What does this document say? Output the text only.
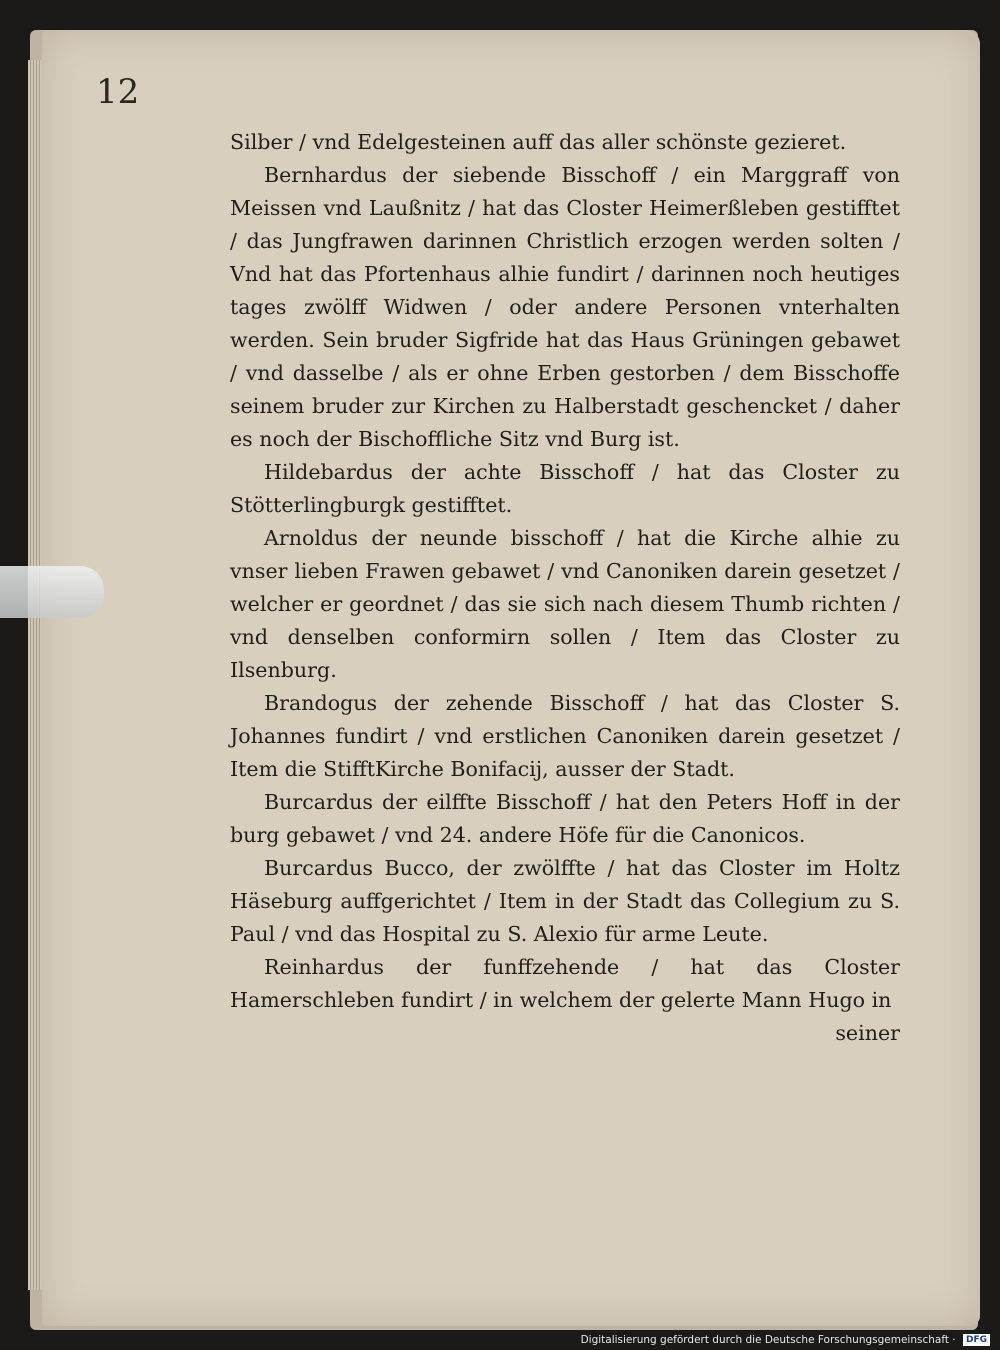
12

Silber / vnd Edelgesteinen auff das aller schönste gezieret.

Bernhardus der siebende Bisschoff / ein Marggraff von Meissen vnd Laußnitz / hat das Closter Heimerßleben gestifftet / das Jungfrawen darinnen Christlich erzogen werden solten / Vnd hat das Pfortenhaus alhie fundirt / darinnen noch heutiges tages zwölff Widwen / oder andere Personen vnterhalten werden. Sein bruder Sigfride hat das Haus Grüningen gebawet / vnd dasselbe / als er ohne Erben gestorben / dem Bisschoffe seinem bruder zur Kirchen zu Halberstadt geschencket / daher es noch der Bischoffliche Sitz vnd Burg ist.

Hildebardus der achte Bisschoff / hat das Closter zu Stötterlingburgk gestifftet.

Arnoldus der neunde bisschoff / hat die Kirche alhie zu vnser lieben Frawen gebawet / vnd Canoniken darein gesetzet / welcher er geordnet / das sie sich nach diesem Thumb richten / vnd denselben conformirn sollen / Item das Closter zu Ilsenburg.

Brandogus der zehende Bisschoff / hat das Closter S. Johannes fundirt / vnd erstlichen Canoniken darein gesetzet / Item die StifftKirche Bonifacij, ausser der Stadt.

Burcardus der eilffte Bisschoff / hat den Peters Hoff in der burg gebawet / vnd 24. andere Höfe für die Canonicos.

Burcardus Bucco, der zwölffte / hat das Closter im Holtz Häseburg auffgerichtet / Item in der Stadt das Collegium zu S. Paul / vnd das Hospital zu S. Alexio für arme Leute.

Reinhardus der funffzehende / hat das Closter Hamerschleben fundirt / in welchem der gelerte Mann Hugo in

seiner

Digitalisierung gefördert durch die Deutsche Forschungsgemeinschaft · DFG
